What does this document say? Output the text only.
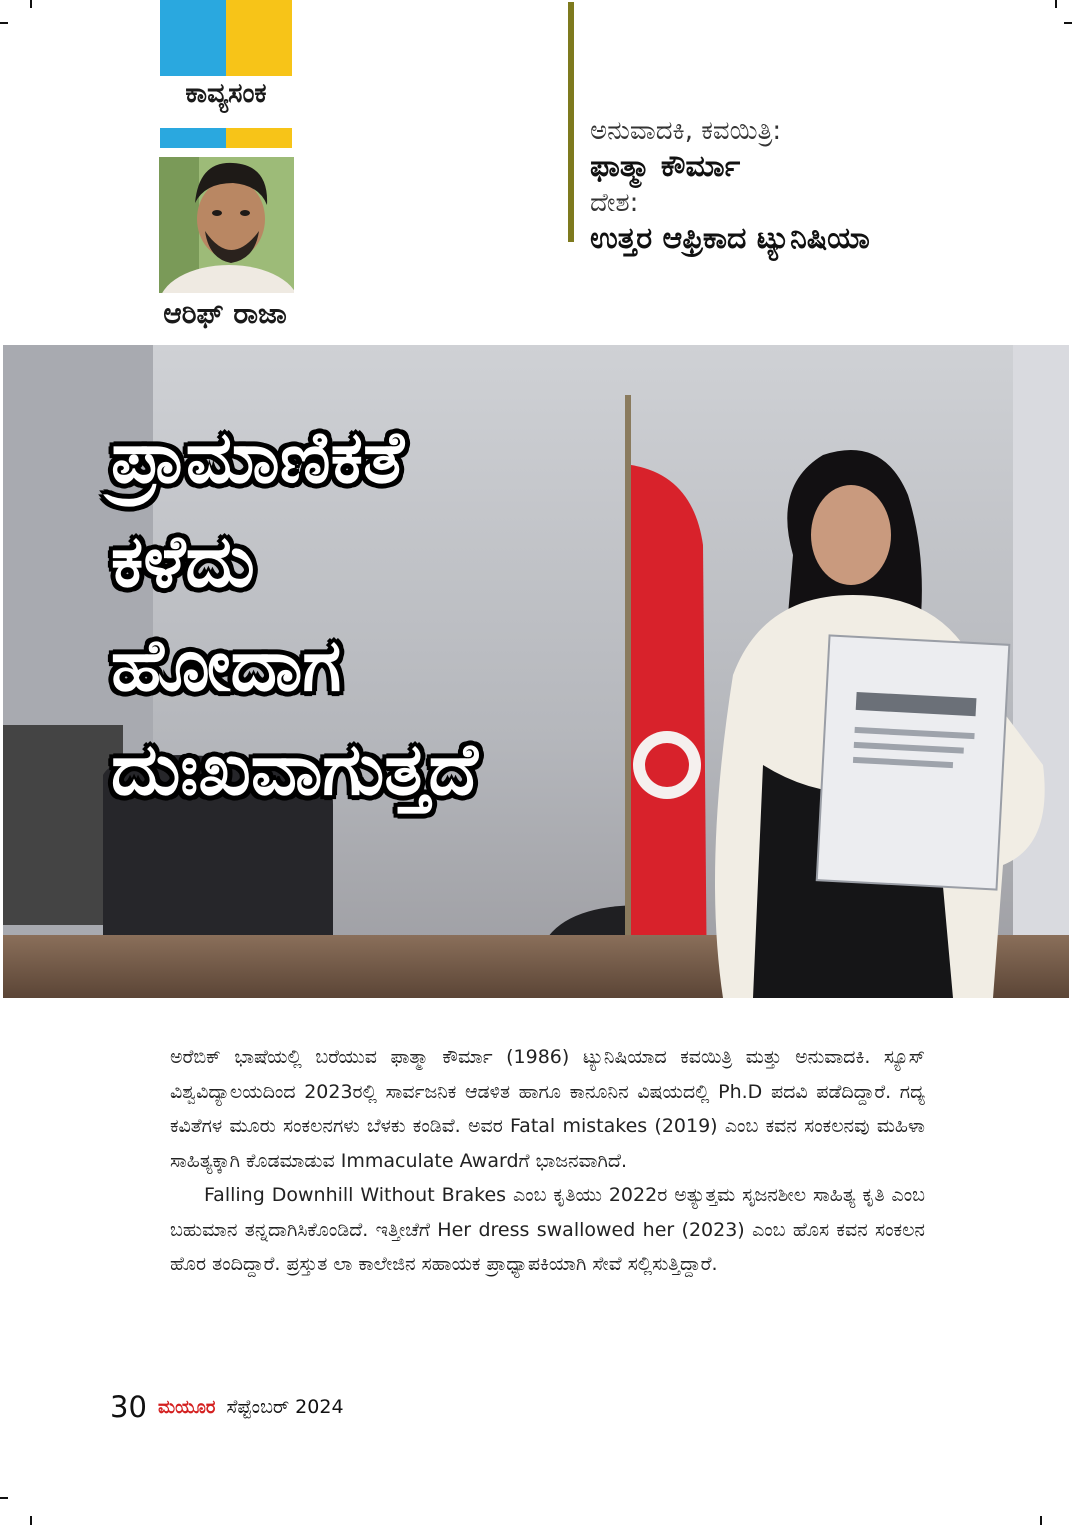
ಕಾವ್ಯಸಂಕ
ಆರಿಫ್ ರಾಜಾ
ಅನುವಾದಕಿ, ಕವಯಿತ್ರಿ:
ಫಾತ್ಮಾ ಕೌರ್ಮಾ
ದೇಶ:
ಉತ್ತರ ಆಫ್ರಿಕಾದ ಟ್ಯುನಿಷಿಯಾ
ಪ್ರಾಮಾಣಿಕತೆ
ಕಳೆದು
ಹೋದಾಗ
ದುಃಖವಾಗುತ್ತದೆ

ಅರೆಬಿಕ್ ಭಾಷೆಯಲ್ಲಿ ಬರೆಯುವ ಫಾತ್ಮಾ ಕೌರ್ಮಾ (1986) ಟ್ಯುನಿಷಿಯಾದ ಕವಯಿತ್ರಿ ಮತ್ತು ಅನುವಾದಕಿ. ಸ್ಯೂಸ್ ವಿಶ್ವವಿದ್ಯಾಲಯದಿಂದ 2023ರಲ್ಲಿ ಸಾರ್ವಜನಿಕ ಆಡಳಿತ ಹಾಗೂ ಕಾನೂನಿನ ವಿಷಯದಲ್ಲಿ Ph.D ಪದವಿ ಪಡೆದಿದ್ದಾರೆ. ಗದ್ಯ ಕವಿತೆಗಳ ಮೂರು ಸಂಕಲನಗಳು ಬೆಳಕು ಕಂಡಿವೆ. ಅವರ Fatal mistakes (2019) ಎಂಬ ಕವನ ಸಂಕಲನವು ಮಹಿಳಾ ಸಾಹಿತ್ಯಕ್ಕಾಗಿ ಕೊಡಮಾಡುವ Immaculate Awardಗೆ ಭಾಜನವಾಗಿದೆ.

Falling Downhill Without Brakes ಎಂಬ ಕೃತಿಯು 2022ರ ಅತ್ಯುತ್ತಮ ಸೃಜನಶೀಲ ಸಾಹಿತ್ಯ ಕೃತಿ ಎಂಬ ಬಹುಮಾನ ತನ್ನದಾಗಿಸಿಕೊಂಡಿದೆ. ಇತ್ತೀಚೆಗೆ Her dress swallowed her (2023) ಎಂಬ ಹೊಸ ಕವನ ಸಂಕಲನ ಹೊರ ತಂದಿದ್ದಾರೆ. ಪ್ರಸ್ತುತ ಲಾ ಕಾಲೇಜಿನ ಸಹಾಯಕ ಪ್ರಾಧ್ಯಾಪಕಿಯಾಗಿ ಸೇವೆ ಸಲ್ಲಿಸುತ್ತಿದ್ದಾರೆ.

30 ಮಯೂರ ಸೆಪ್ಟೆಂಬರ್ 2024
